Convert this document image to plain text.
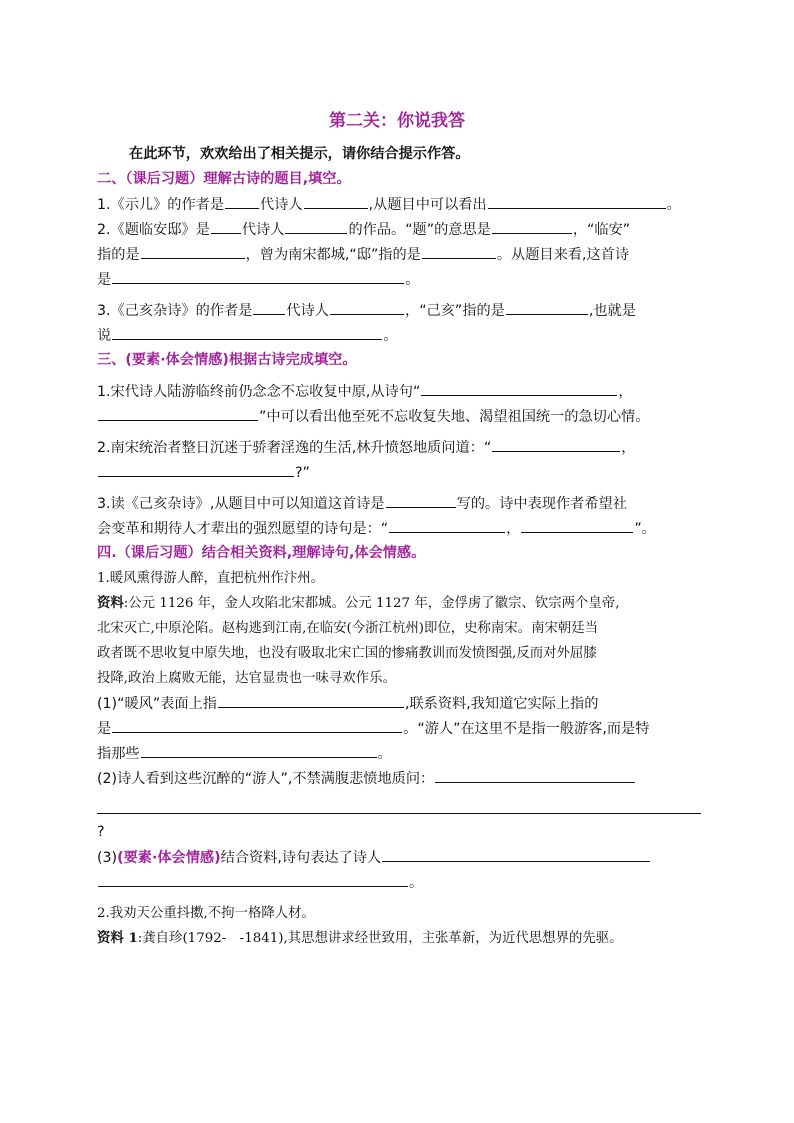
第二关：你说我答
在此环节，欢欢给出了相关提示，请你结合提示作答。
二、（课后习题）理解古诗的题目,填空。
1.《示儿》的作者是	代诗人	,从题目中可以看出	。
2.《题临安邸》是 代诗人	的作品。“题”的意思是	，“临安”
指的是	，曾为南宋都城,“邸”指的是	。从题目来看,这首诗
是	。
3.《己亥杂诗》的作者是 代诗人	，“己亥”指的是	,也就是
说	。
三、(要素·体会情感)根据古诗完成填空。
1.宋代诗人陆游临终前仍念念不忘收复中原,从诗句“	，
”中可以看出他至死不忘收复失地、渴望祖国统一的急切心情。
2.南宋统治者整日沉迷于骄奢淫逸的生活,林升愤怒地质问道：“	，
?”
3.读《己亥杂诗》,从题目中可以知道这首诗是	写的。诗中表现作者希望社
会变革和期待人才辈出的强烈愿望的诗句是：“	，	”。
四.（课后习题）结合相关资料,理解诗句,体会情感。
1.暖风熏得游人醉，直把杭州作汴州。
资料:公元 1126 年，金人攻陷北宋都城。公元 1127 年，金俘虏了徽宗、钦宗两个皇帝,
北宋灭亡,中原沦陷。赵构逃到江南,在临安(今浙江杭州)即位，史称南宋。南宋朝廷当
政者既不思收复中原失地，也没有吸取北宋亡国的惨痛教训而发愤图强,反而对外屈膝
投降,政治上腐败无能，达官显贵也一味寻欢作乐。
(1)“暖风”表面上指	,联系资料,我知道它实际上指的
是	。“游人”在这里不是指一般游客,而是特
指那些	。
(2)诗人看到这些沉醉的“游人”,不禁满腹悲愤地质问：
?
(3)(要素·体会情感)结合资料,诗句表达了诗人
。
2.我劝天公重抖擞,不拘一格降人材。
资料 1:龚自珍(1792-　-1841),其思想讲求经世致用，主张革新，为近代思想界的先驱。
